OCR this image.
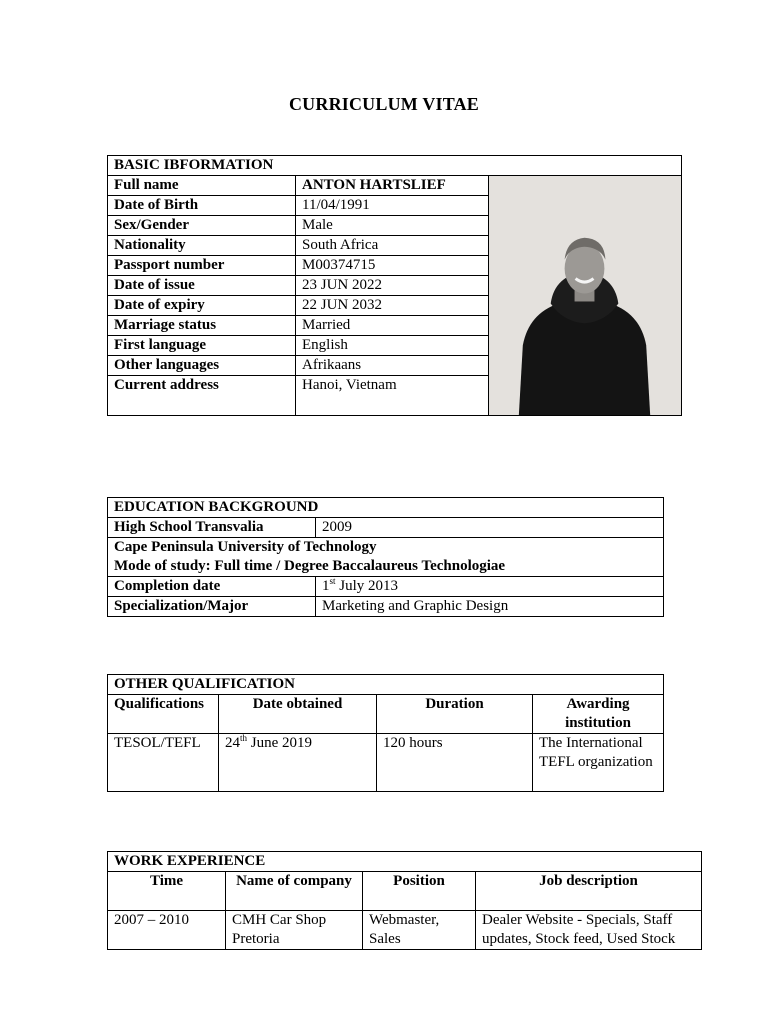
CURRICULUM VITAE
BASIC IBFORMATION		
Full name	ANTON HARTSLIEF	

Date of Birth	11/04/1991	
Sex/Gender	Male	
Nationality	South Africa	
Passport number	M00374715	
Date of issue	23 JUN 2022	
Date of expiry	22 JUN 2032	
Marriage status	Married	
First language	English	
Other languages	Afrikaans	
Current address	Hanoi, Vietnam	
EDUCATION BACKGROUND	
High School Transvalia	2009

Cape Peninsula University of Technology
Mode of study: Full time / Degree Baccalaureus Technologiae	

Completion date	1st July 2013
Specialization/Major	Marketing and Graphic Design
OTHER QUALIFICATION			
Qualifications	Date obtained	Duration	Awarding institution
TESOL/TEFL	24th June 2019	120 hours	The International TEFL organization
WORK EXPERIENCE			
Time	Name of company	Position	Job description
2007 – 2010	CMH Car Shop Pretoria	Webmaster, Sales	Dealer Website - Specials, Staff updates, Stock feed, Used Stock
